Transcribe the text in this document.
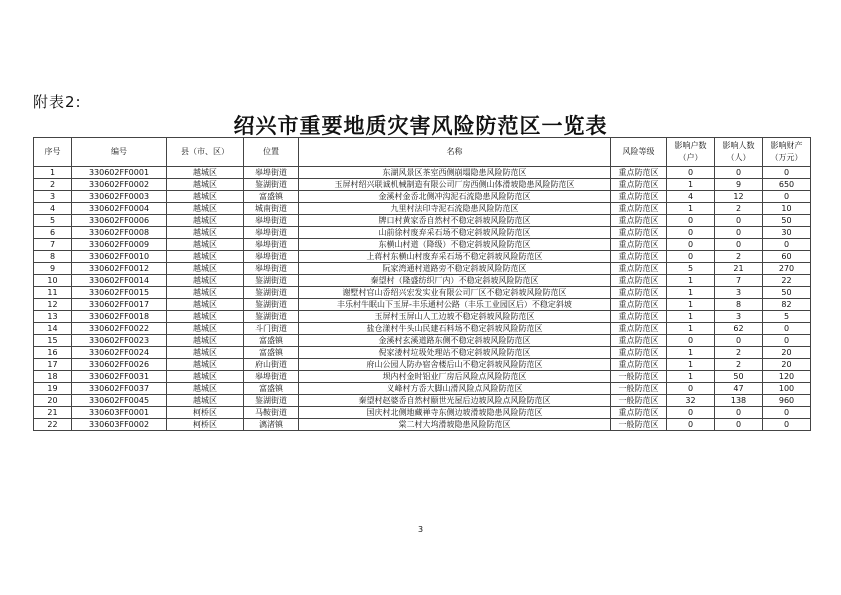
附表2:
绍兴市重要地质灾害风险防范区一览表
序号	编号	县（市、区）	位置	名称	风险等级	影响户数（户）	影响人数（人）	影响财产（万元）
1	330602FF0001	越城区	皋埠街道	东湖风景区茶室西侧崩塌隐患风险防范区	重点防范区	0	0	0
2	330602FF0002	越城区	鉴湖街道	玉屏村绍兴联诚机械制造有限公司厂房西侧山体滑坡隐患风险防范区	重点防范区	1	9	650
3	330602FF0003	越城区	富盛镇	金溪村金岙北侧冲沟泥石流隐患风险防范区	重点防范区	4	12	0
4	330602FF0004	越城区	城南街道	九里村法印寺泥石流隐患风险防范区	重点防范区	1	2	10
5	330602FF0006	越城区	皋埠街道	牌口村黄家岙自然村不稳定斜坡风险防范区	重点防范区	0	0	50
6	330602FF0008	越城区	皋埠街道	山前徐村废弃采石场不稳定斜坡风险防范区	重点防范区	0	0	30
7	330602FF0009	越城区	皋埠街道	东横山村道（降级）不稳定斜坡风险防范区	重点防范区	0	0	0
8	330602FF0010	越城区	皋埠街道	上蒋村东横山村废弃采石场不稳定斜坡风险防范区	重点防范区	0	2	60
9	330602FF0012	越城区	皋埠街道	阮家湾通村道路旁不稳定斜坡风险防范区	重点防范区	5	21	270
10	330602FF0014	越城区	鉴湖街道	秦望村（隆盛纺织厂内）不稳定斜坡风险防范区	重点防范区	1	7	22
11	330602FF0015	越城区	鉴湖街道	谢墅村官山岙绍兴宏发实业有限公司厂区不稳定斜坡风险防范区	重点防范区	1	3	50
12	330602FF0017	越城区	鉴湖街道	丰乐村牛眠山下玉屏-丰乐通村公路（丰乐工业园区后）不稳定斜坡	重点防范区	1	8	82
13	330602FF0018	越城区	鉴湖街道	玉屏村玉屏山人工边坡不稳定斜坡风险防范区	重点防范区	1	3	5
14	330602FF0022	越城区	斗门街道	盐仓漾村牛头山民建石料场不稳定斜坡风险防范区	重点防范区	1	62	0
15	330602FF0023	越城区	富盛镇	金溪村玄溪道路东侧不稳定斜坡风险防范区	重点防范区	0	0	0
16	330602FF0024	越城区	富盛镇	倪家溇村垃圾处理站不稳定斜坡风险防范区	重点防范区	1	2	20
17	330602FF0026	越城区	府山街道	府山公园人防办宿舍楼后山不稳定斜坡风险防范区	重点防范区	1	2	20
18	330602FF0031	越城区	皋埠街道	坝内村金时铝业厂房后风险点风险防范区	一般防范区	1	50	120
19	330602FF0037	越城区	富盛镇	义峰村方岙大脚山滑风险点风险防范区	一般防范区	0	47	100
20	330602FF0045	越城区	鉴湖街道	秦望村赵婆岙自然村颐世光屋后边坡风险点风险防范区	一般防范区	32	138	960
21	330603FF0001	柯桥区	马鞍街道	国庆村北侧地藏禅寺东侧边坡滑坡隐患风险防范区	重点防范区	0	0	0
22	330603FF0002	柯桥区	漓渚镇	棠二村大坞滑坡隐患风险防范区	一般防范区	0	0	0
3
